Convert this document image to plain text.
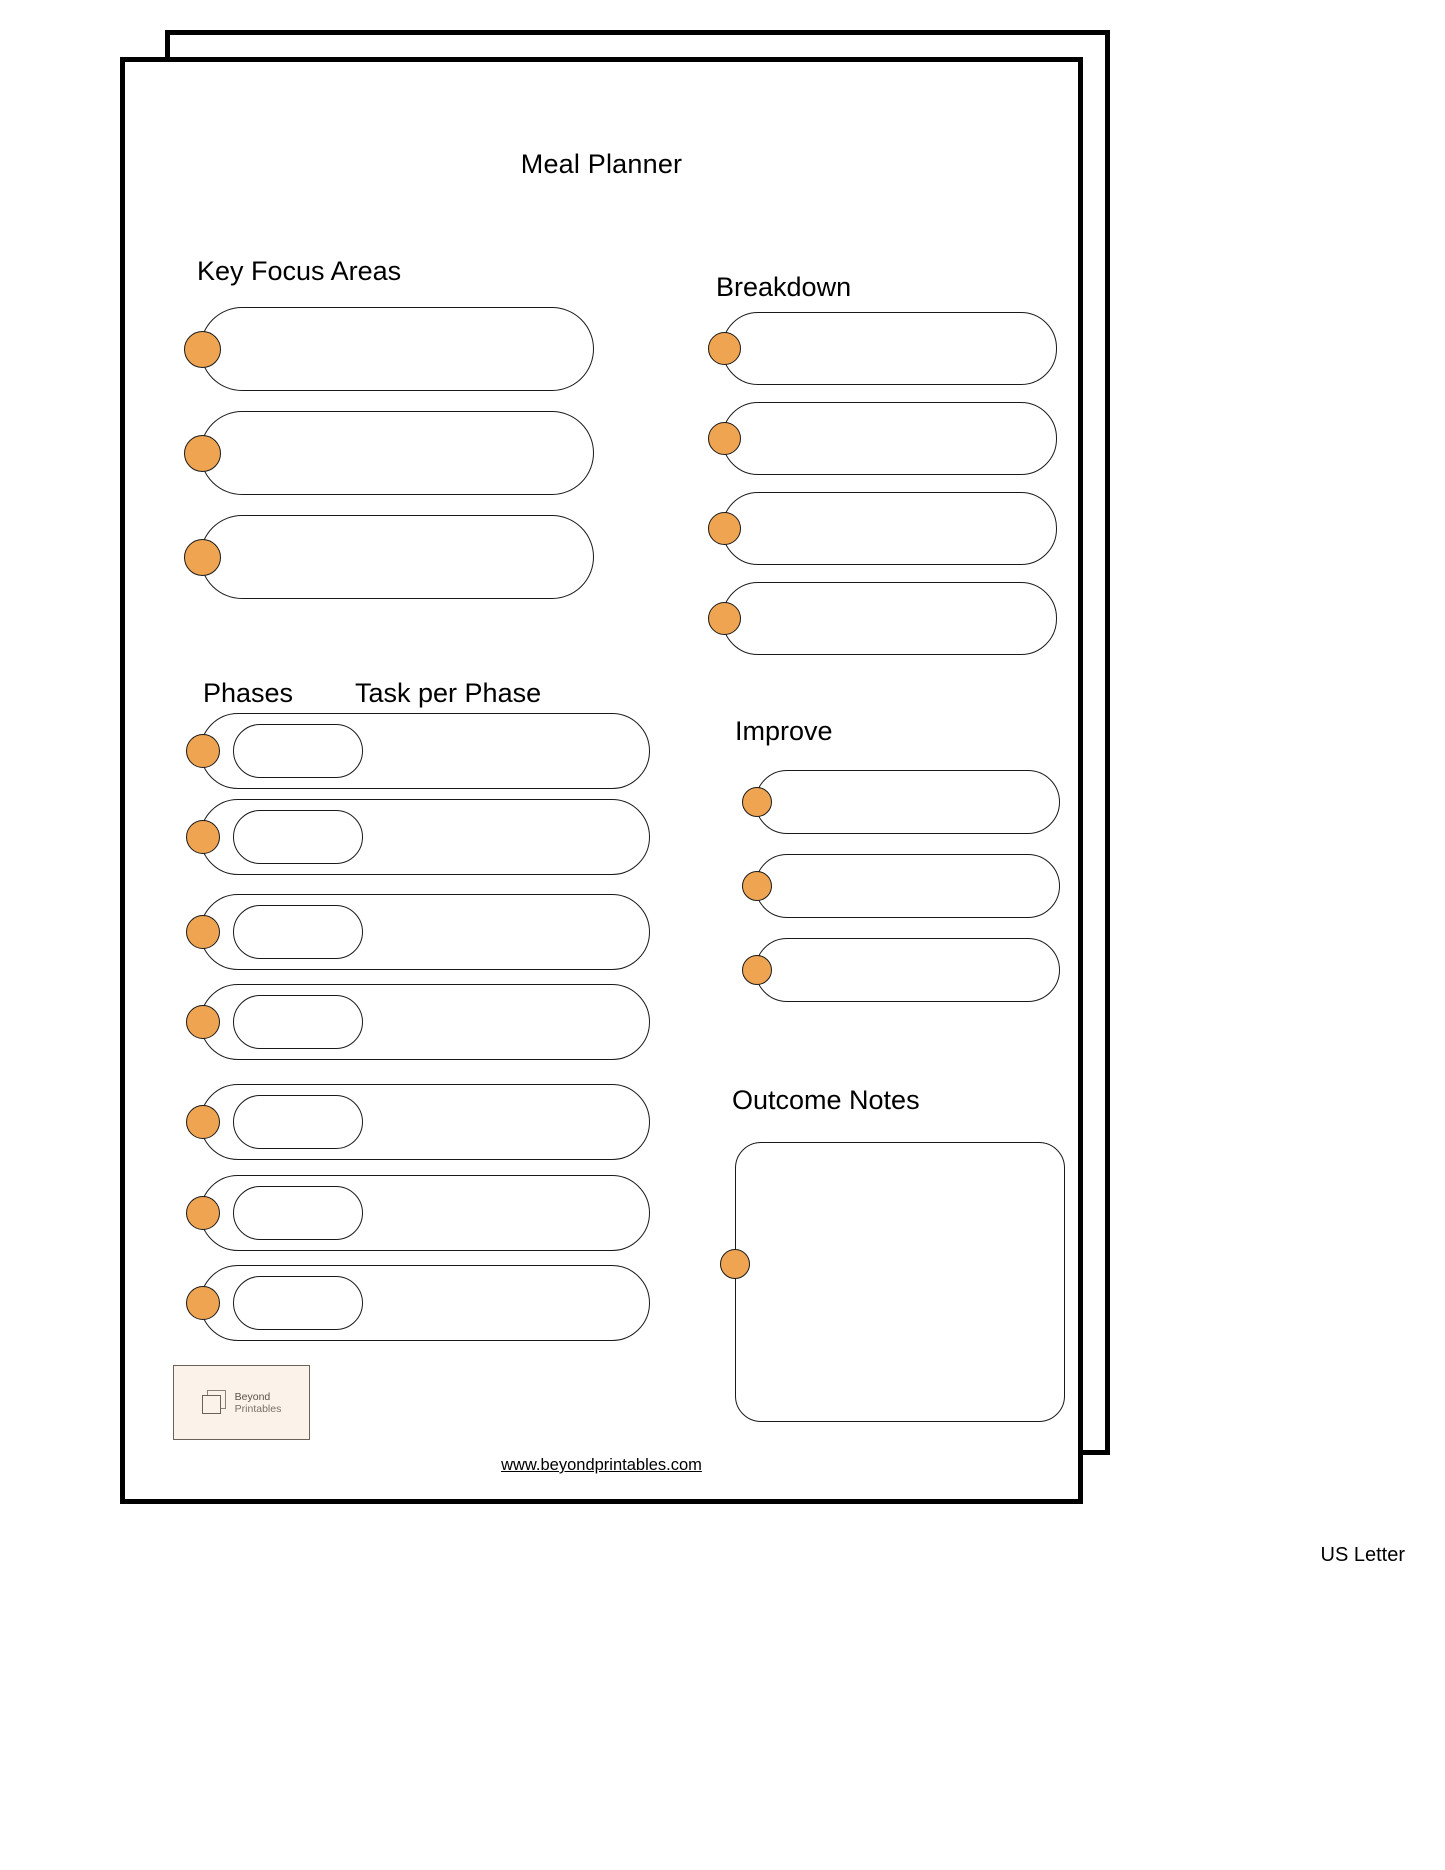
Meal Planner
Key Focus Areas
Breakdown
Phases Task per Phase
Improve
Outcome Notes
Beyond
Printables
www.beyondprintables.com
US Letter
